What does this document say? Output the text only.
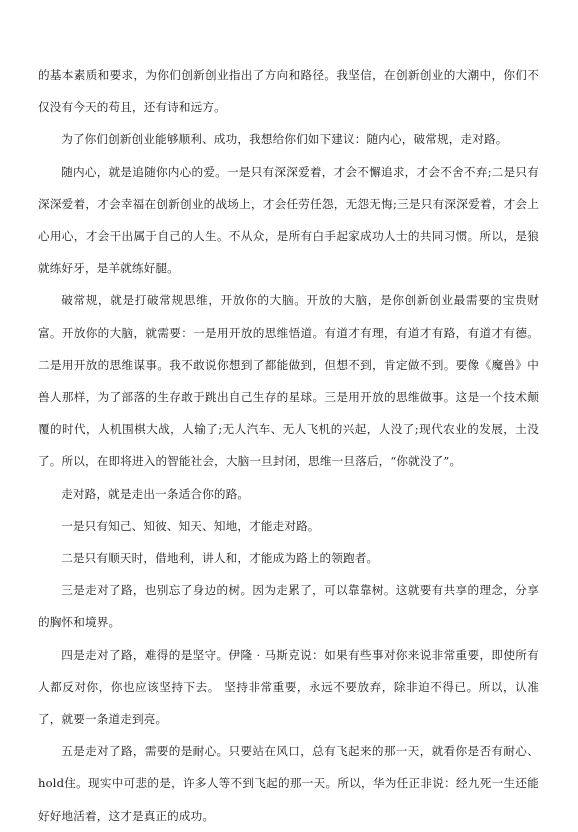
的基本素质和要求，为你们创新创业指出了方向和路径。我坚信，在创新创业的大潮中，你们不仅没有今天的苟且，还有诗和远方。

为了你们创新创业能够顺利、成功，我想给你们如下建议：随内心，破常规，走对路。

随内心，就是追随你内心的爱。一是只有深深爱着，才会不懈追求，才会不舍不弃;二是只有深深爱着，才会幸福在创新创业的战场上，才会任劳任怨，无怨无悔;三是只有深深爱着，才会上心用心，才会干出属于自己的人生。不从众，是所有白手起家成功人士的共同习惯。所以，是狼就练好牙，是羊就练好腿。

破常规，就是打破常规思维，开放你的大脑。开放的大脑，是你创新创业最需要的宝贵财富。开放你的大脑，就需要：一是用开放的思维悟道。有道才有理，有道才有路，有道才有德。二是用开放的思维谋事。我不敢说你想到了都能做到，但想不到，肯定做不到。要像《魔兽》中兽人那样，为了部落的生存敢于跳出自己生存的星球。三是用开放的思维做事。这是一个技术颠覆的时代，人机围棋大战，人输了;无人汽车、无人飞机的兴起，人没了;现代农业的发展，土没了。所以，在即将进入的智能社会，大脑一旦封闭，思维一旦落后，“你就没了”。

走对路，就是走出一条适合你的路。

一是只有知己、知彼、知天、知地，才能走对路。

二是只有顺天时，借地利，讲人和，才能成为路上的领跑者。

三是走对了路，也别忘了身边的树。因为走累了，可以靠靠树。这就要有共享的理念，分享的胸怀和境界。

四是走对了路，难得的是坚守。伊隆 · 马斯克说：如果有些事对你来说非常重要，即使所有人都反对你，你也应该坚持下去。 坚持非常重要，永远不要放弃，除非迫不得已。所以，认准了，就要一条道走到亮。

五是走对了路，需要的是耐心。只要站在风口，总有飞起来的那一天，就看你是否有耐心、hold住。现实中可悲的是，许多人等不到飞起的那一天。所以，华为任正非说：经九死一生还能好好地活着，这才是真正的成功。
